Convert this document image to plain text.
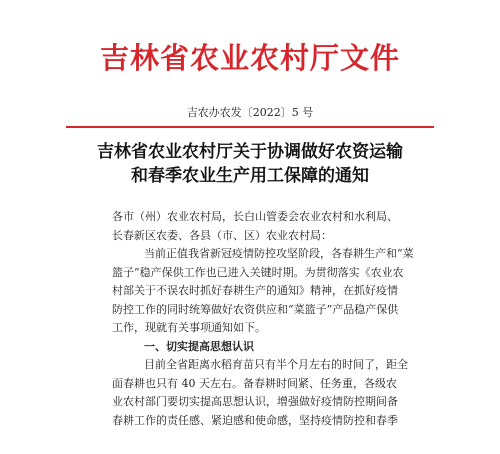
吉林省农业农村厅文件
吉农办农发〔2022〕5 号
吉林省农业农村厅关于协调做好农资运输
和春季农业生产用工保障的通知
各市（州）农业农村局，长白山管委会农业农村和水利局、
长春新区农委、各县（市、区）农业农村局：
当前正值我省新冠疫情防控攻坚阶段，各春耕生产和“菜
篮子”稳产保供工作也已进入关键时期。为贯彻落实《农业农
村部关于不误农时抓好春耕生产的通知》精神，在抓好疫情
防控工作的同时统筹做好农资供应和“菜篮子”产品稳产保供
工作，现就有关事项通知如下。
一、切实提高思想认识
目前全省距离水稻育苗只有半个月左右的时间了，距全
面春耕也只有 40 天左右。备春耕时间紧、任务重，各级农
业农村部门要切实提高思想认识，增强做好疫情防控期间备
春耕工作的责任感、紧迫感和使命感，坚持疫情防控和春季
